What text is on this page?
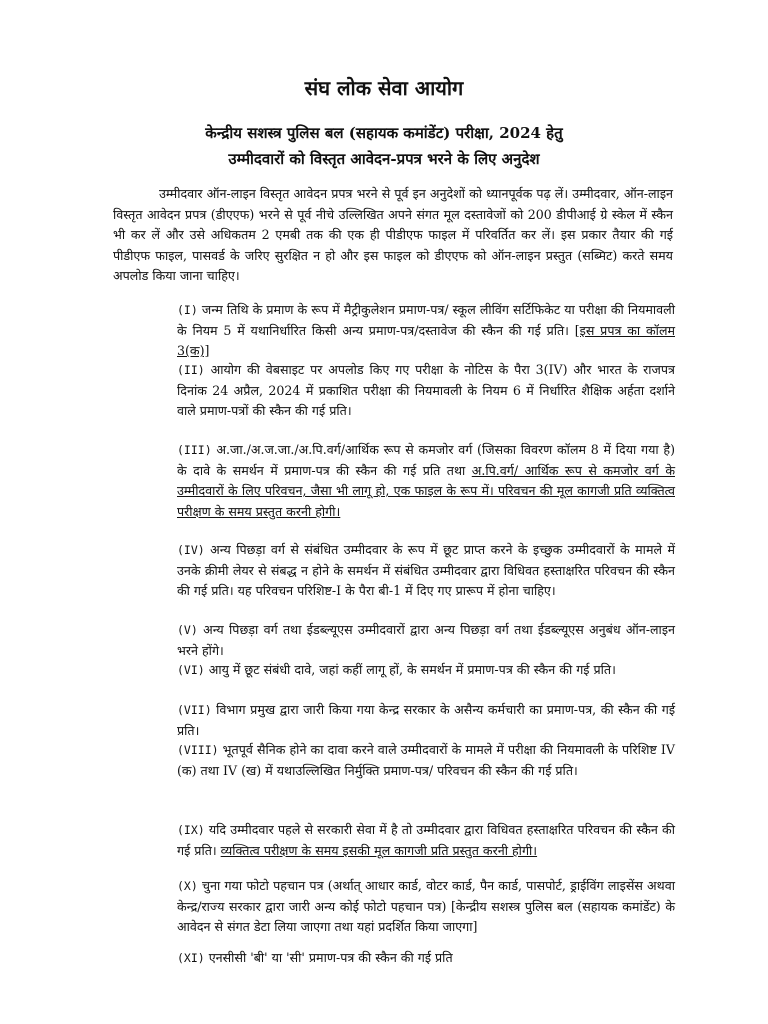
संघ लोक सेवा आयोग
केन्द्रीय सशस्त्र पुलिस बल (सहायक कमांडेंट) परीक्षा, 2024 हेतु
उम्मीदवारों को विस्तृत आवेदन-प्रपत्र भरने के लिए अनुदेश
उम्मीदवार ऑन-लाइन विस्तृत आवेदन प्रपत्र भरने से पूर्व इन अनुदेशों को ध्यानपूर्वक पढ़ लें। उम्मीदवार, ऑन-लाइन विस्तृत आवेदन प्रपत्र (डीएएफ) भरने से पूर्व नीचे उल्लिखित अपने संगत मूल दस्तावेजों को 200 डीपीआई ग्रे स्केल में स्कैन भी कर लें और उसे अधिकतम 2 एमबी तक की एक ही पीडीएफ फाइल में परिवर्तित कर लें। इस प्रकार तैयार की गई पीडीएफ फाइल, पासवर्ड के जरिए सुरक्षित न हो और इस फाइल को डीएएफ को ऑन-लाइन प्रस्तुत (सब्मिट) करते समय अपलोड किया जाना चाहिए।
(I) जन्म तिथि के प्रमाण के रूप में मैट्रीकुलेशन प्रमाण-पत्र/ स्कूल लीविंग सर्टिफिकेट या परीक्षा की नियमावली के नियम 5 में यथानिर्धारित किसी अन्य प्रमाण-पत्र/दस्तावेज की स्कैन की गई प्रति। [इस प्रपत्र का कॉलम 3(क)]
(II) आयोग की वेबसाइट पर अपलोड किए गए परीक्षा के नोटिस के पैरा 3(IV) और भारत के राजपत्र दिनांक 24 अप्रैल, 2024 में प्रकाशित परीक्षा की नियमावली के नियम 6 में निर्धारित शैक्षिक अर्हता दर्शाने वाले प्रमाण-पत्रों की स्कैन की गई प्रति।
(III) अ.जा./अ.ज.जा./अ.पि.वर्ग/आर्थिक रूप से कमजोर वर्ग (जिसका विवरण कॉलम 8 में दिया गया है) के दावे के समर्थन में प्रमाण-पत्र की स्कैन की गई प्रति तथा अ.पि.वर्ग/ आर्थिक रूप से कमजोर वर्ग के उम्मीदवारों के लिए परिवचन, जैसा भी लागू हो, एक फाइल के रूप में। परिवचन की मूल कागजी प्रति व्यक्तित्व परीक्षण के समय प्रस्तुत करनी होगी।
(IV) अन्य पिछड़ा वर्ग से संबंधित उम्मीदवार के रूप में छूट प्राप्त करने के इच्छुक उम्मीदवारों के मामले में उनके क्रीमी लेयर से संबद्ध न होने के समर्थन में संबंधित उम्मीदवार द्वारा विधिवत हस्ताक्षरित परिवचन की स्कैन की गई प्रति। यह परिवचन परिशिष्ट-I के पैरा बी-1 में दिए गए प्रारूप में होना चाहिए।
(V) अन्य पिछड़ा वर्ग तथा ईडब्ल्यूएस उम्मीदवारों द्वारा अन्य पिछड़ा वर्ग तथा ईडब्ल्यूएस अनुबंध ऑन-लाइन भरने होंगे।
(VI) आयु में छूट संबंधी दावे, जहां कहीं लागू हों, के समर्थन में प्रमाण-पत्र की स्कैन की गई प्रति।
(VII) विभाग प्रमुख द्वारा जारी किया गया केन्द्र सरकार के असैन्य कर्मचारी का प्रमाण-पत्र, की स्कैन की गई प्रति।
(VIII) भूतपूर्व सैनिक होने का दावा करने वाले उम्मीदवारों के मामले में परीक्षा की नियमावली के परिशिष्ट IV (क) तथा IV (ख) में यथाउल्लिखित निर्मुक्ति प्रमाण-पत्र/ परिवचन की स्कैन की गई प्रति।
(IX) यदि उम्मीदवार पहले से सरकारी सेवा में है तो उम्मीदवार द्वारा विधिवत हस्ताक्षरित परिवचन की स्कैन की गई प्रति। व्यक्तित्व परीक्षण के समय इसकी मूल कागजी प्रति प्रस्तुत करनी होगी।
(X) चुना गया फोटो पहचान पत्र (अर्थात् आधार कार्ड, वोटर कार्ड, पैन कार्ड, पासपोर्ट, ड्राईविंग लाइसेंस अथवा केन्द्र/राज्य सरकार द्वारा जारी अन्य कोई फोटो पहचान पत्र) [केन्द्रीय सशस्त्र पुलिस बल (सहायक कमांडेंट) के आवेदन से संगत डेटा लिया जाएगा तथा यहां प्रदर्शित किया जाएगा]
(XI) एनसीसी 'बी' या 'सी' प्रमाण-पत्र की स्कैन की गई प्रति
